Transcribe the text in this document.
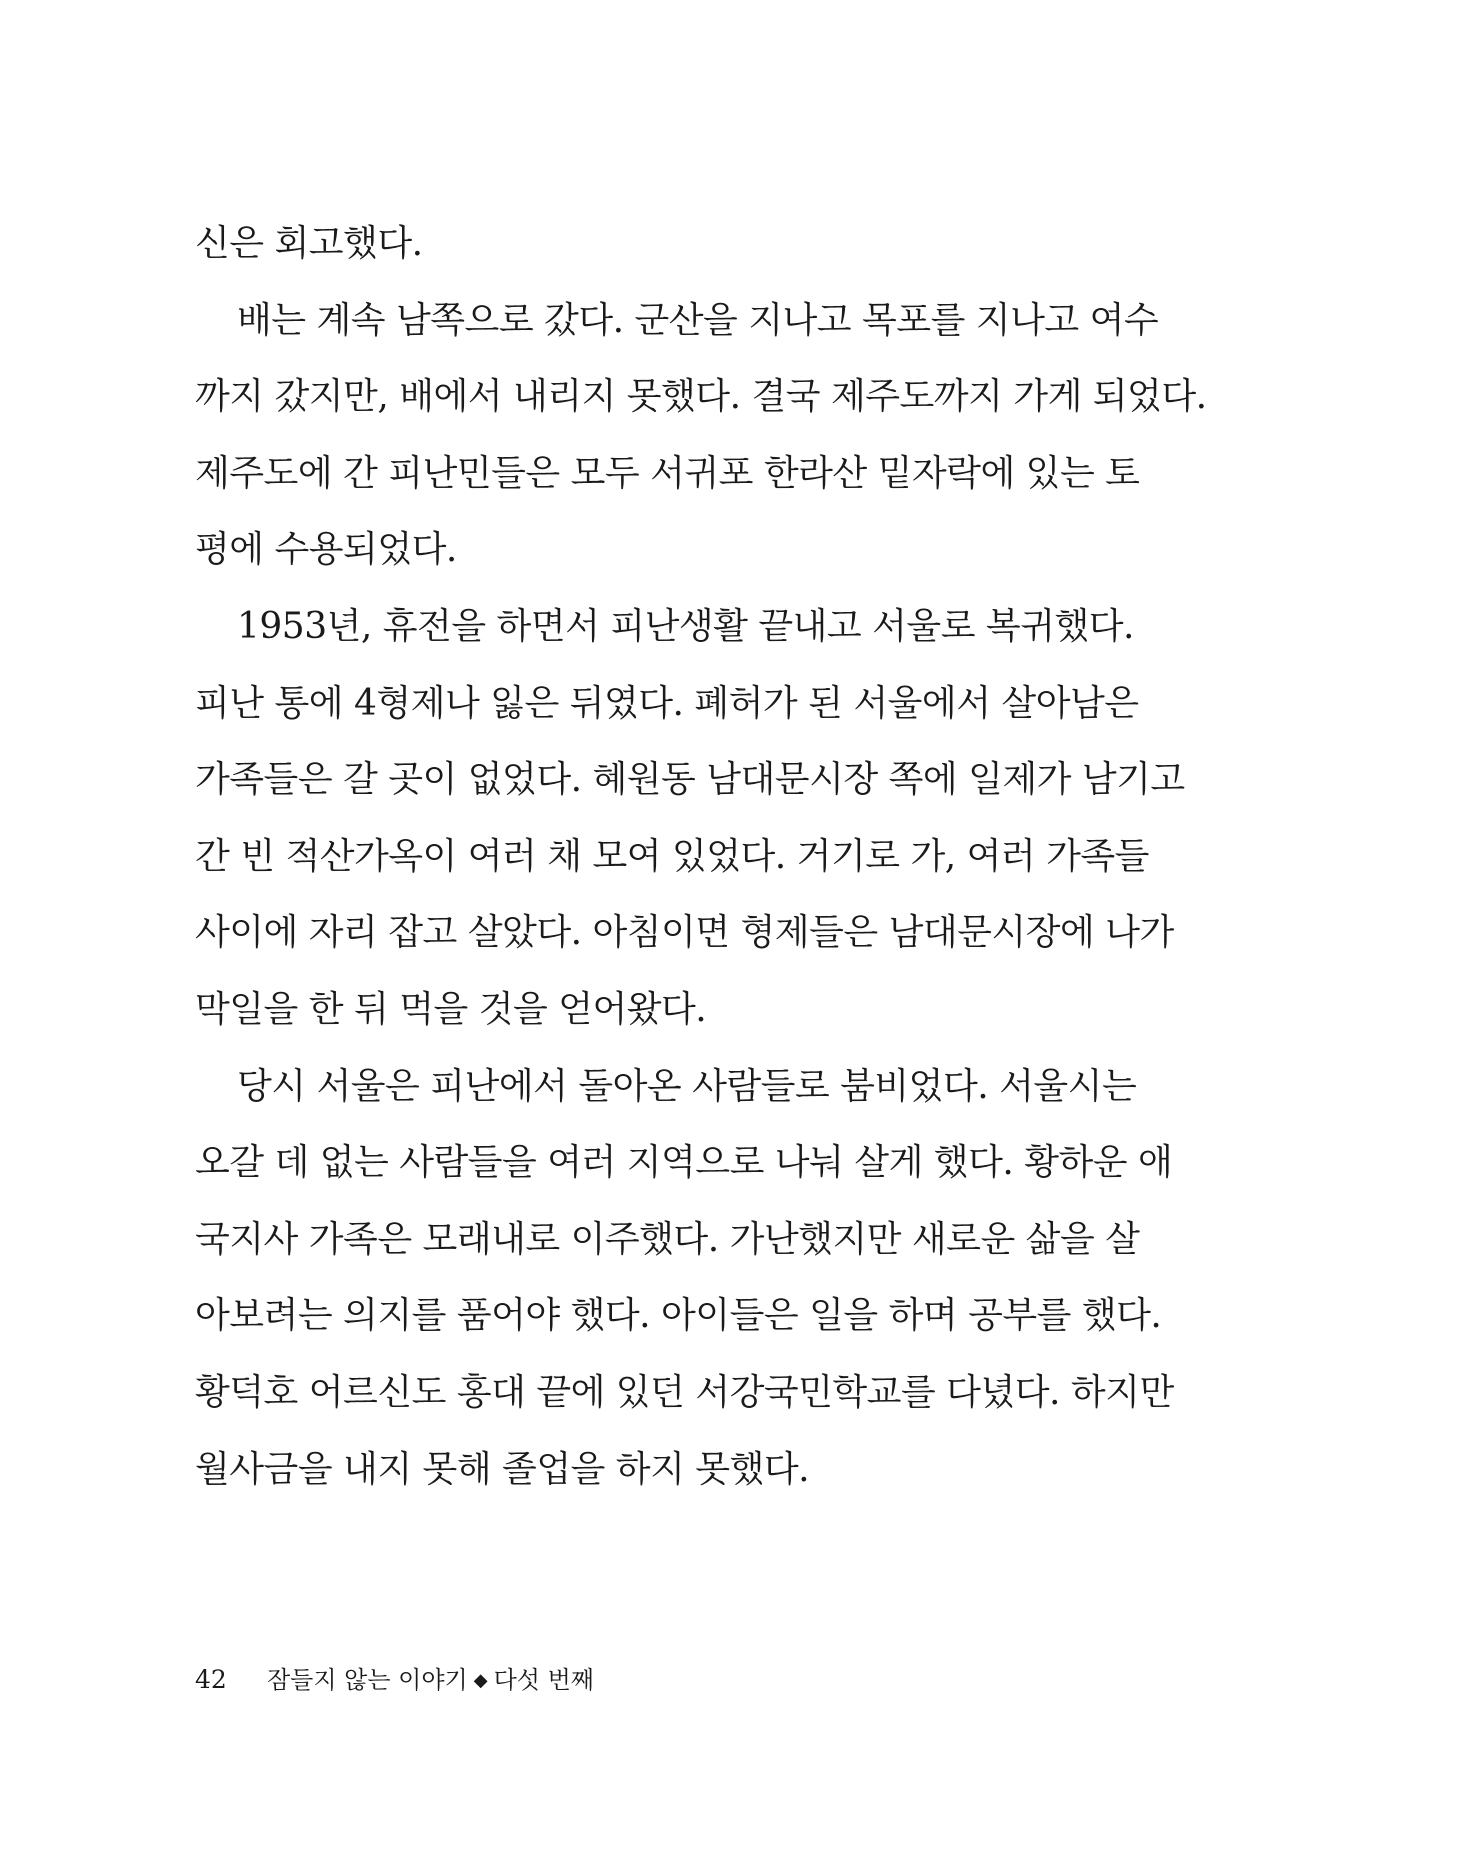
신은 회고했다.
배는 계속 남쪽으로 갔다. 군산을 지나고 목포를 지나고 여수
까지 갔지만, 배에서 내리지 못했다. 결국 제주도까지 가게 되었다.
제주도에 간 피난민들은 모두 서귀포 한라산 밑자락에 있는 토
평에 수용되었다.
1953년, 휴전을 하면서 피난생활 끝내고 서울로 복귀했다.
피난 통에 4형제나 잃은 뒤였다. 폐허가 된 서울에서 살아남은
가족들은 갈 곳이 없었다. 혜원동 남대문시장 쪽에 일제가 남기고
간 빈 적산가옥이 여러 채 모여 있었다. 거기로 가, 여러 가족들
사이에 자리 잡고 살았다. 아침이면 형제들은 남대문시장에 나가
막일을 한 뒤 먹을 것을 얻어왔다.
당시 서울은 피난에서 돌아온 사람들로 붐비었다. 서울시는
오갈 데 없는 사람들을 여러 지역으로 나눠 살게 했다. 황하운 애
국지사 가족은 모래내로 이주했다. 가난했지만 새로운 삶을 살
아보려는 의지를 품어야 했다. 아이들은 일을 하며 공부를 했다.
황덕호 어르신도 홍대 끝에 있던 서강국민학교를 다녔다. 하지만
월사금을 내지 못해 졸업을 하지 못했다.
42 잠들지 않는 이야기 ◆ 다섯 번째
